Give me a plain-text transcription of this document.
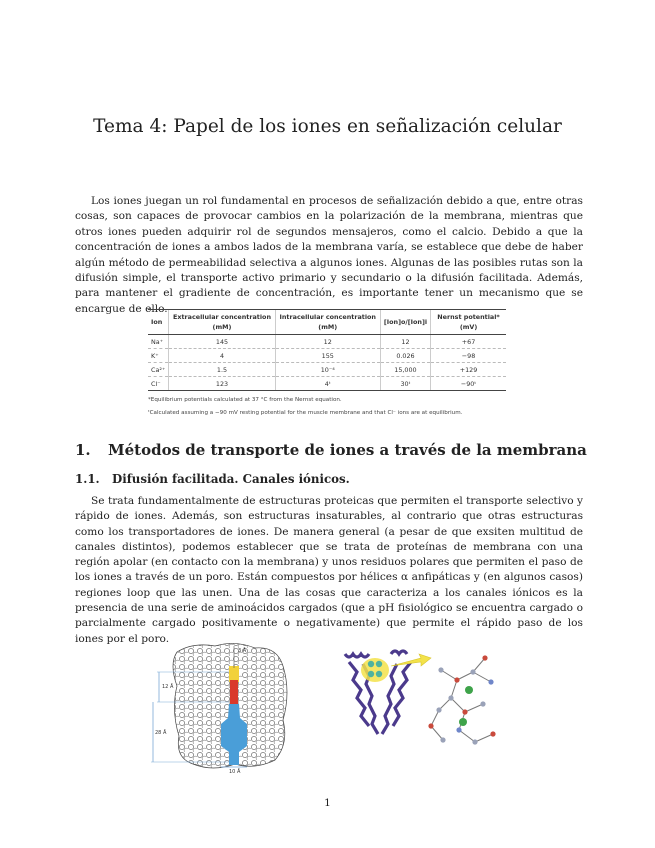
Tema 4: Papel de los iones en señalización celular

Los iones juegan un rol fundamental en procesos de señalización debido a que, entre otras cosas, son capaces de provocar cambios en la polarización de la membrana, mientras que otros iones pueden adquirir rol de segundos mensajeros, como el calcio. Debido a que la concentración de iones a ambos lados de la membrana varía, se establece que debe de haber algún método de permeabilidad selectiva a algunos iones. Algunas de las posibles rutas son la difusión simple, el transporte activo primario y secundario o la difusión facilitada. Además, para mantener el gradiente de concentración, es importante tener un mecanismo que se encargue de ello.

Ion	Extracellular concentration (mM)	Intracellular concentration (mM)	[Ion]o/[Ion]i	Nernst potential* (mV)
Na⁺	145	12	12	+67
K⁺	4	155	0.026	−98
Ca²⁺	1.5	10⁻⁴	15,000	+129
Cl⁻	123	4ᵗ	30ᵗ	−90ᵗ

*Equilibrium potentials calculated at 37 °C from the Nernst equation.

ᵗCalculated assuming a −90 mV resting potential for the muscle membrane and that Cl⁻ ions are at equilibrium.

1. Métodos de transporte de iones a través de la membrana
1.1. Difusión facilitada. Canales iónicos.

Se trata fundamentalmente de estructuras proteicas que permiten el transporte selectivo y rápido de iones. Además, son estructuras insaturables, al contrario que otras estructuras como los transportadores de iones. De manera general (a pesar de que exsiten multitud de canales distintos), podemos establecer que se trata de proteínas de membrana con una región apolar (en contacto con la membrana) y unos residuos polares que permiten el paso de los iones a través de un poro. Están compuestos por hélices α anfipáticas y (en algunos casos) regiones loop que las unen. Una de las cosas que caracteriza a los canales iónicos es la presencia de una serie de aminoácidos cargados (que a pH fisiológico se encuentra cargado o parcialmente cargado positivamente o negativamente) que permite el rápido paso de los iones por el poro.

3 Å
12 Å
28 Å
10 Å
1
